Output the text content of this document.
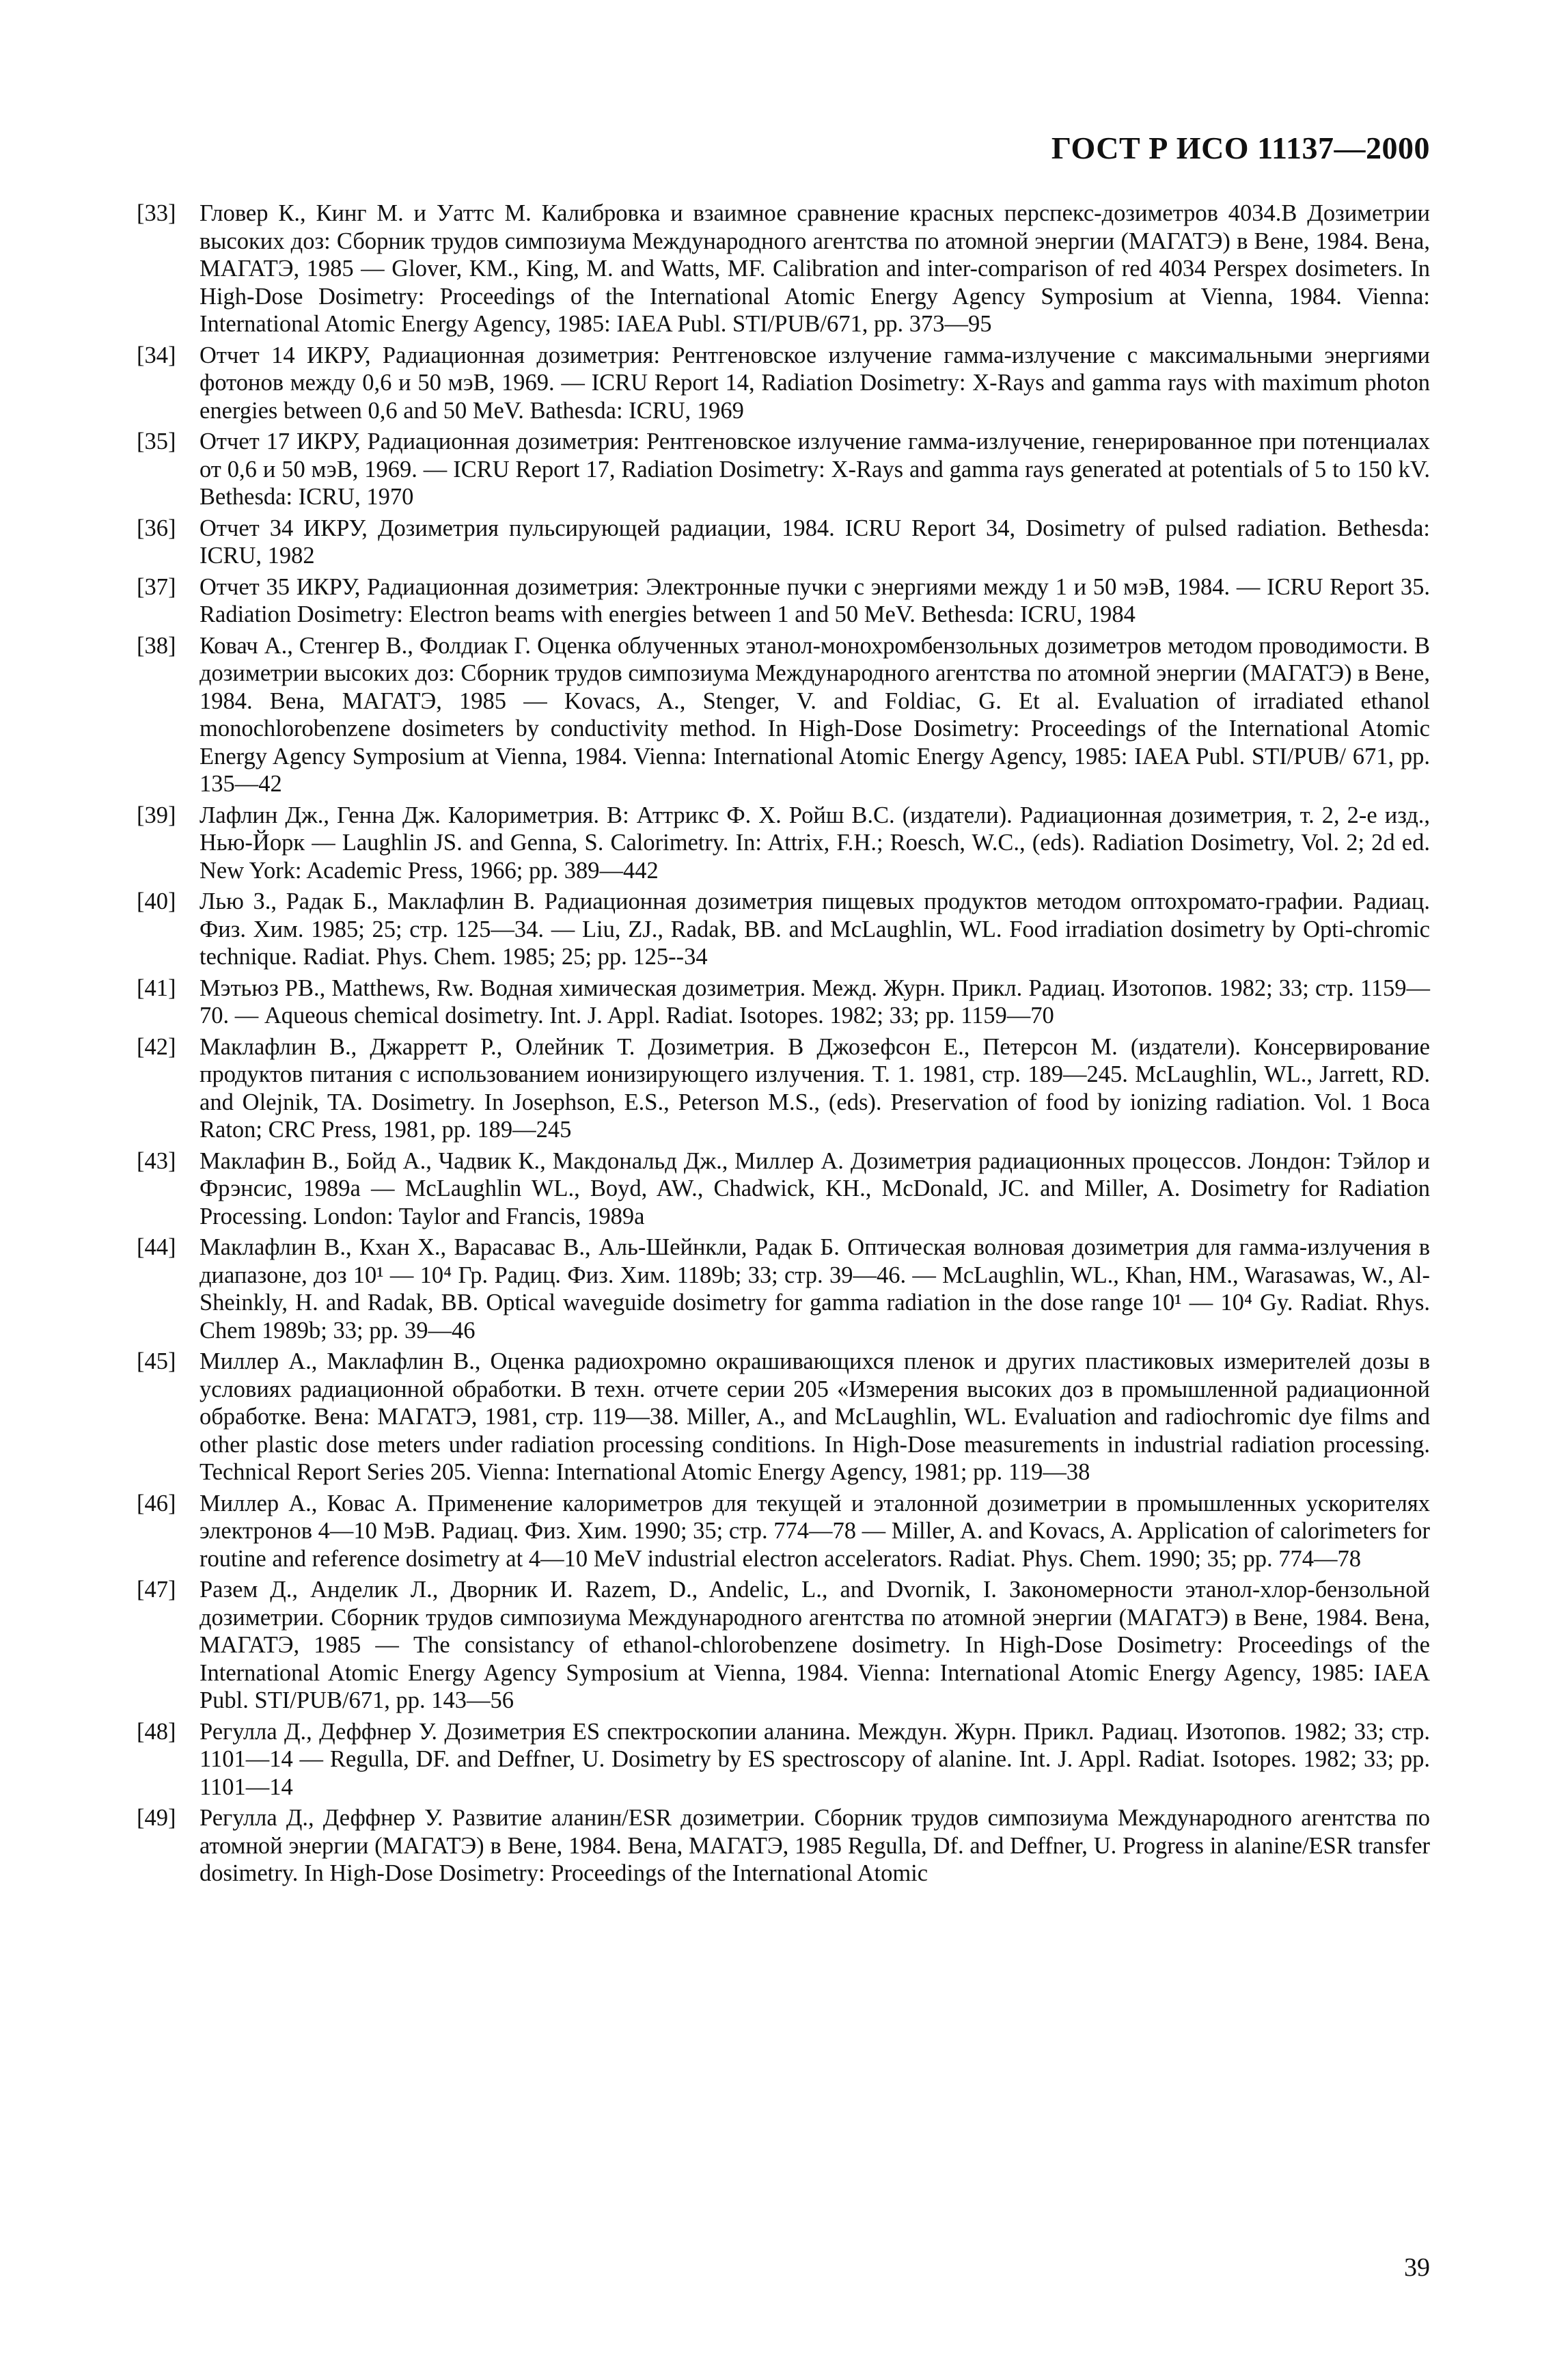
ГОСТ Р ИСО 11137—2000
[33]	Гловер К., Кинг М. и Уаттс М. Калибровка и взаимное сравнение красных перспекс-дозиметров 4034.В Дозиметрии высоких доз: Сборник трудов симпозиума Международного агентства по атомной энергии (МАГАТЭ) в Вене, 1984. Вена, МАГАТЭ, 1985 — Glover, KM., King, M. and Watts, MF. Calibration and inter-comparison of red 4034 Perspex dosimeters. In High-Dose Dosimetry: Proceedings of the International Atomic Energy Agency Symposium at Vienna, 1984. Vienna: International Atomic Energy Agency, 1985: IAEA Publ. STI/PUB/671, pp. 373—95
[34]	Отчет 14 ИКРУ, Радиационная дозиметрия: Рентгеновское излучение гамма-излучение с максимальными энергиями фотонов между 0,6 и 50 мэВ, 1969. — ICRU Report 14, Radiation Dosimetry: X-Rays and gamma rays with maximum photon energies between 0,6 and 50 MeV. Bathesda: ICRU, 1969
[35]	Отчет 17 ИКРУ, Радиационная дозиметрия: Рентгеновское излучение гамма-излучение, генерированное при потенциалах от 0,6 и 50 мэВ, 1969. — ICRU Report 17, Radiation Dosimetry: X-Rays and gamma rays generated at potentials of 5 to 150 kV. Bethesda: ICRU, 1970
[36]	Отчет 34 ИКРУ, Дозиметрия пульсирующей радиации, 1984. ICRU Report 34, Dosimetry of pulsed radiation. Bethesda: ICRU, 1982
[37]	Отчет 35 ИКРУ, Радиационная дозиметрия: Электронные пучки с энергиями между 1 и 50 мэВ, 1984. — ICRU Report 35. Radiation Dosimetry: Electron beams with energies between 1 and 50 MeV. Bethesda: ICRU, 1984
[38]	Ковач А., Стенгер В., Фолдиак Г. Оценка облученных этанол-монохромбензольных дозиметров методом проводимости. В дозиметрии высоких доз: Сборник трудов симпозиума Международного агентства по атомной энергии (МАГАТЭ) в Вене, 1984. Вена, МАГАТЭ, 1985 — Kovacs, A., Stenger, V. and Foldiac, G. Et al. Evaluation of irradiated ethanol monochlorobenzene dosimeters by conductivity method. In High-Dose Dosimetry: Proceedings of the International Atomic Energy Agency Symposium at Vienna, 1984. Vienna: International Atomic Energy Agency, 1985: IAEA Publ. STI/PUB/ 671, pp. 135—42
[39]	Лафлин Дж., Генна Дж. Калориметрия. В: Аттрикс Ф. Х. Ройш В.С. (издатели). Радиационная дозиметрия, т. 2, 2-е изд., Нью-Йорк — Laughlin JS. and Genna, S. Calorimetry. In: Attrix, F.H.; Roesch, W.C., (eds). Radiation Dosimetry, Vol. 2; 2d ed. New York: Academic Press, 1966; pp. 389—442
[40]	Лью З., Радак Б., Маклафлин В. Радиационная дозиметрия пищевых продуктов методом оптохромато-графии. Радиац. Физ. Хим. 1985; 25; стр. 125—34. — Liu, ZJ., Radak, BB. and McLaughlin, WL. Food irradiation dosimetry by Opti-chromic technique. Radiat. Phys. Chem. 1985; 25; pp. 125--34
[41]	Мэтьюз РВ., Matthews, Rw. Водная химическая дозиметрия. Межд. Журн. Прикл. Радиац. Изотопов. 1982; 33; стр. 1159—70. — Aqueous chemical dosimetry. Int. J. Appl. Radiat. Isotopes. 1982; 33; pp. 1159—70
[42]	Маклафлин В., Джарретт Р., Олейник Т. Дозиметрия. В Джозефсон Е., Петерсон М. (издатели). Консервирование продуктов питания с использованием ионизирующего излучения. Т. 1. 1981, стр. 189—245. McLaughlin, WL., Jarrett, RD. and Olejnik, TA. Dosimetry. In Josephson, E.S., Peterson M.S., (eds). Preservation of food by ionizing radiation. Vol. 1 Boca Raton; CRC Press, 1981, pp. 189—245
[43]	Маклафин В., Бойд А., Чадвик К., Макдональд Дж., Миллер А. Дозиметрия радиационных процессов. Лондон: Тэйлор и Фрэнсис, 1989а — McLaughlin WL., Boyd, AW., Chadwick, KH., McDonald, JC. and Miller, A. Dosimetry for Radiation Processing. London: Taylor and Francis, 1989a
[44]	Маклафлин В., Кхан Х., Варасавас В., Аль-Шейнкли, Радак Б. Оптическая волновая дозиметрия для гамма-излучения в диапазоне, доз 10¹ — 10⁴ Гр. Радиц. Физ. Хим. 1189b; 33; стр. 39—46. — McLaughlin, WL., Khan, HM., Warasawas, W., Al-Sheinkly, H. and Radak, BB. Optical waveguide dosimetry for gamma radiation in the dose range 10¹ — 10⁴ Gy. Radiat. Rhys. Chem 1989b; 33; pp. 39—46
[45]	Миллер А., Маклафлин В., Оценка радиохромно окрашивающихся пленок и других пластиковых измерителей дозы в условиях радиационной обработки. В техн. отчете серии 205 «Измерения высоких доз в промышленной радиационной обработке. Вена: МАГАТЭ, 1981, стр. 119—38. Miller, A., and McLaughlin, WL. Evaluation and radiochromic dye films and other plastic dose meters under radiation processing conditions. In High-Dose measurements in industrial radiation processing. Technical Report Series 205. Vienna: International Atomic Energy Agency, 1981; pp. 119—38
[46]	Миллер А., Ковас А. Применение калориметров для текущей и эталонной дозиметрии в промышленных ускорителях электронов 4—10 МэВ. Радиац. Физ. Хим. 1990; 35; стр. 774—78 — Miller, A. and Kovacs, A. Application of calorimeters for routine and reference dosimetry at 4—10 MeV industrial electron accelerators. Radiat. Phys. Chem. 1990; 35; pp. 774—78
[47]	Разем Д., Анделик Л., Дворник И. Razem, D., Andelic, L., and Dvornik, I. Закономерности этанол-хлор-бензольной дозиметрии. Сборник трудов симпозиума Международного агентства по атомной энергии (МАГАТЭ) в Вене, 1984. Вена, МАГАТЭ, 1985 — The consistancy of ethanol-chlorobenzene dosimetry. In High-Dose Dosimetry: Proceedings of the International Atomic Energy Agency Symposium at Vienna, 1984. Vienna: International Atomic Energy Agency, 1985: IAEA Publ. STI/PUB/671, pp. 143—56
[48]	Регулла Д., Деффнер У. Дозиметрия ES спектроскопии аланина. Междун. Журн. Прикл. Радиац. Изотопов. 1982; 33; стр. 1101—14 — Regulla, DF. and Deffner, U. Dosimetry by ES spectroscopy of alanine. Int. J. Appl. Radiat. Isotopes. 1982; 33; pp. 1101—14
[49]	Регулла Д., Деффнер У. Развитие аланин/ESR дозиметрии. Сборник трудов симпозиума Международного агентства по атомной энергии (МАГАТЭ) в Вене, 1984. Вена, МАГАТЭ, 1985 Regulla, Df. and Deffner, U. Progress in alanine/ESR transfer dosimetry. In High-Dose Dosimetry: Proceedings of the International Atomic
39
